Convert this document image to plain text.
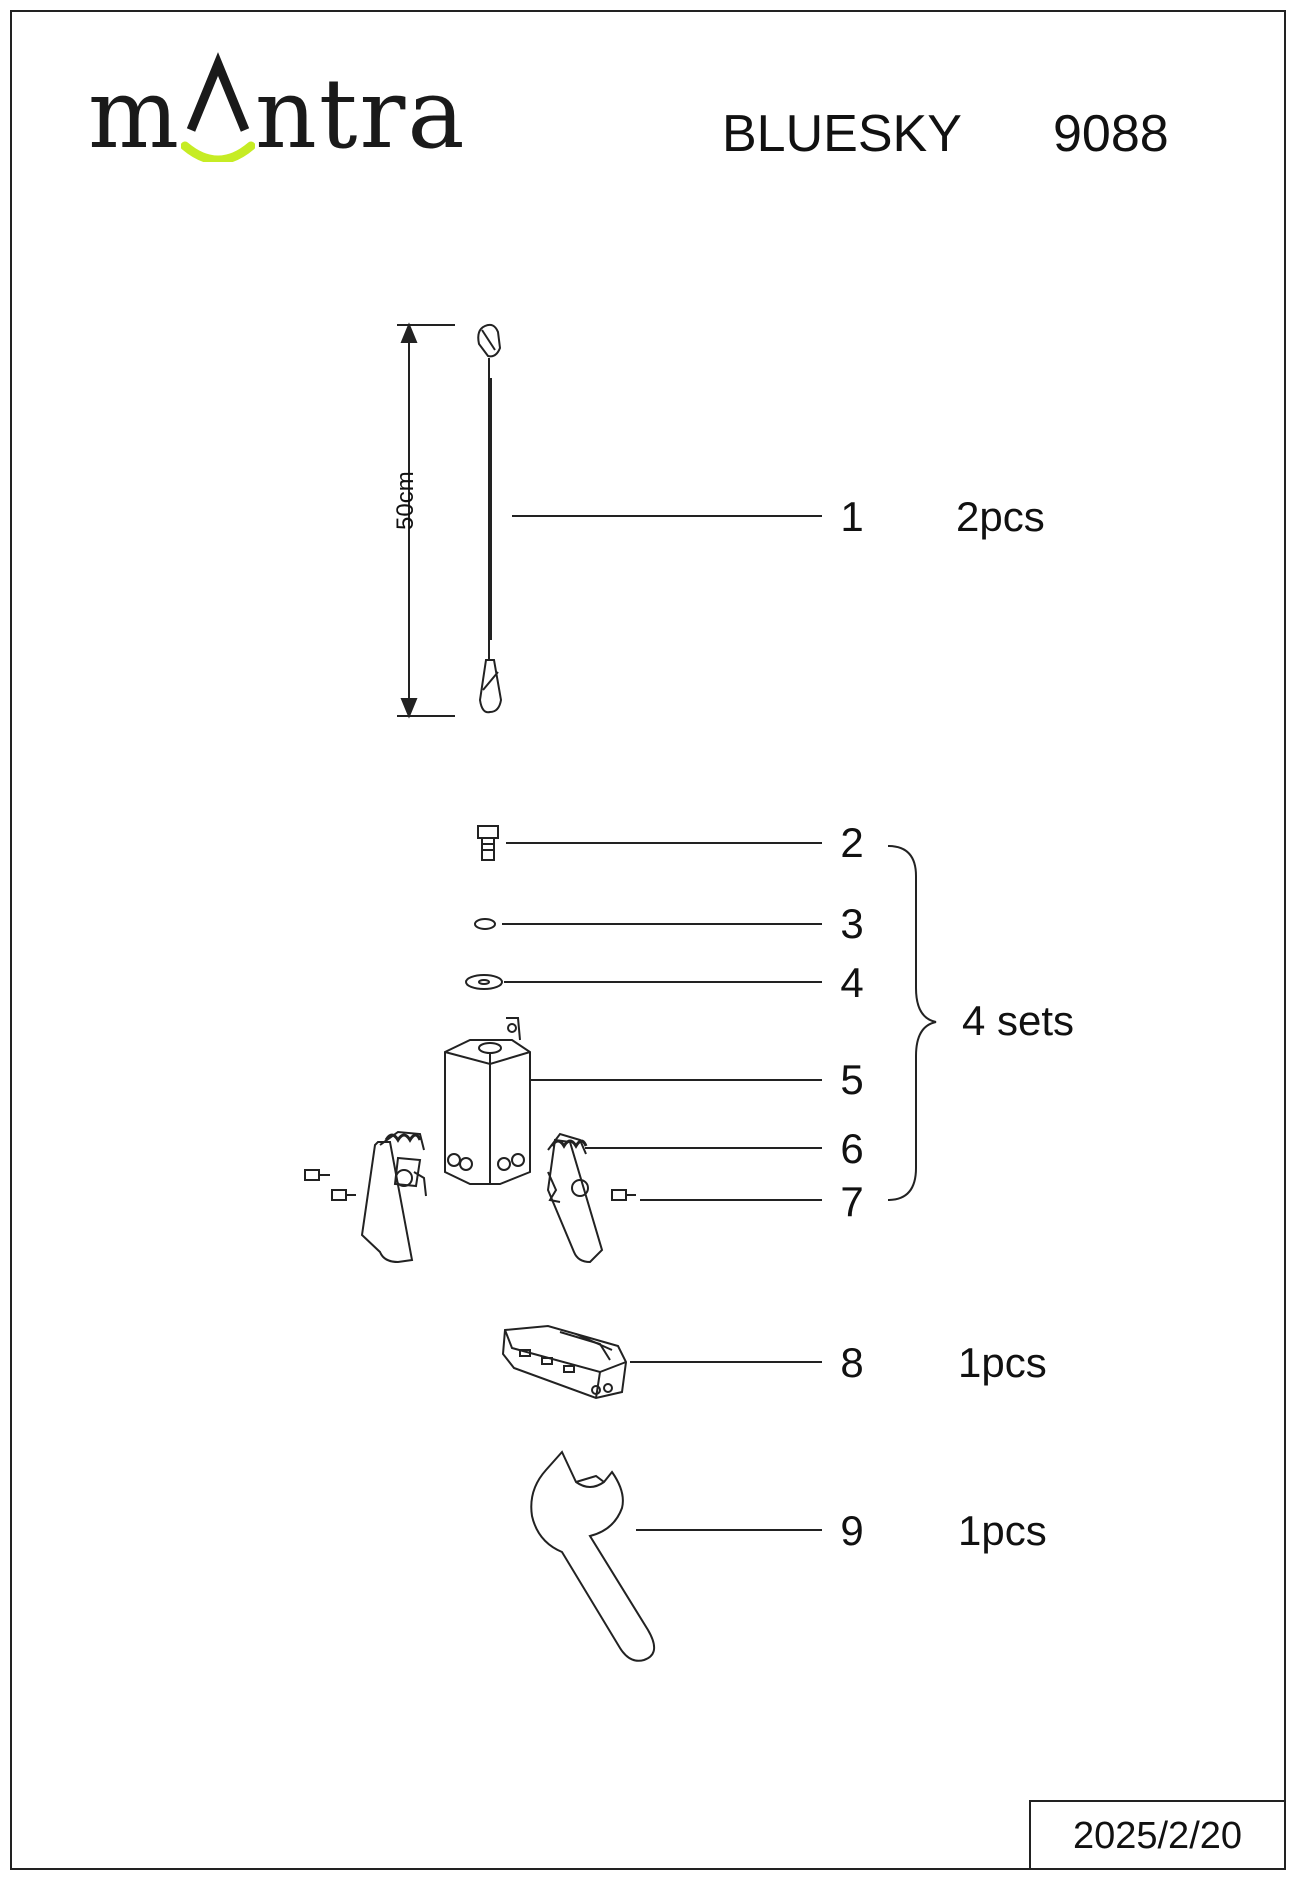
m ntra	BLUESKY 9088
50cm	1
2
3
4
5
6
7
8
9
2pcs
4 sets
1pcs
1pcs
2025/2/20
